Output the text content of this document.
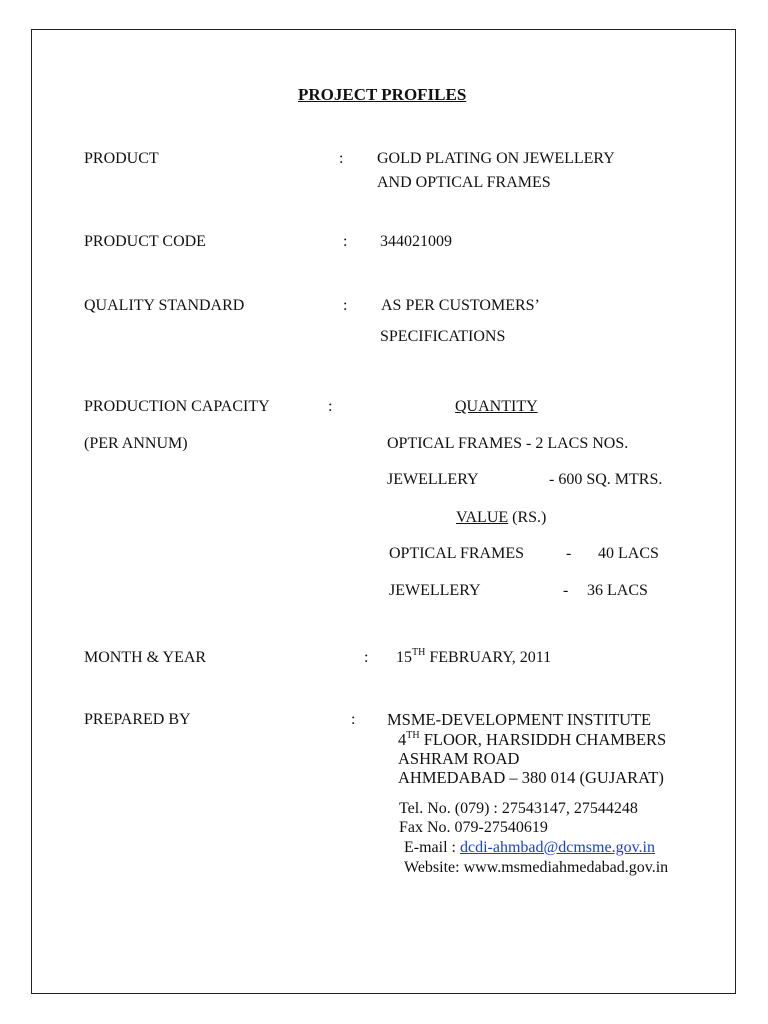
PROJECT PROFILES
PRODUCT	: GOLD PLATING ON JEWELLERY
AND OPTICAL FRAMES
PRODUCT CODE	: 344021009
QUALITY STANDARD	: AS PER CUSTOMERS’
SPECIFICATIONS
PRODUCTION CAPACITY	:	QUANTITY
(PER ANNUM)	OPTICAL FRAMES - 2 LACS NOS.
JEWELLERY	- 600 SQ. MTRS.
VALUE (RS.)
OPTICAL FRAMES	- 40 LACS
JEWELLERY	- 36 LACS
MONTH & YEAR	: 15TH FEBRUARY, 2011
PREPARED BY	: MSME-DEVELOPMENT INSTITUTE
4TH FLOOR, HARSIDDH CHAMBERS
ASHRAM ROAD
AHMEDABAD – 380 014 (GUJARAT)
Tel. No. (079) : 27543147, 27544248
Fax No. 079-27540619
E-mail : dcdi-ahmbad@dcmsme.gov.in
Website: www.msmediahmedabad.gov.in
